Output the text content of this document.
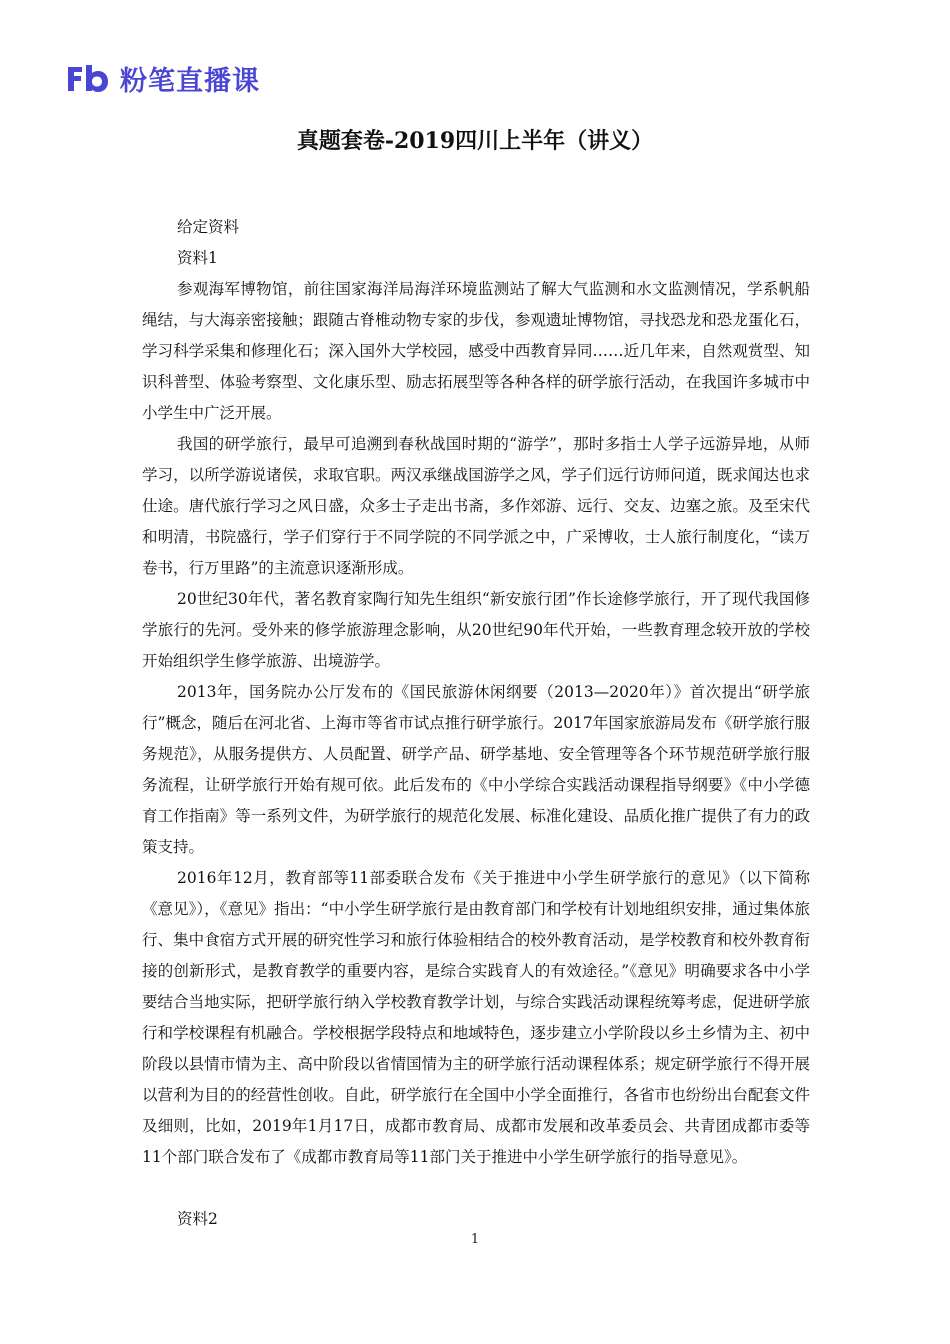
粉笔直播课
真题套卷-2019四川上半年（讲义）

给定资料

资料1

参观海军博物馆，前往国家海洋局海洋环境监测站了解大气监测和水文监测情况，学系帆船绳结，与大海亲密接触；跟随古脊椎动物专家的步伐，参观遗址博物馆，寻找恐龙和恐龙蛋化石，学习科学采集和修理化石；深入国外大学校园，感受中西教育异同……近几年来，自然观赏型、知识科普型、体验考察型、文化康乐型、励志拓展型等各种各样的研学旅行活动，在我国许多城市中小学生中广泛开展。

我国的研学旅行，最早可追溯到春秋战国时期的“游学”，那时多指士人学子远游异地，从师学习，以所学游说诸侯，求取官职。两汉承继战国游学之风，学子们远行访师问道，既求闻达也求仕途。唐代旅行学习之风日盛，众多士子走出书斋，多作郊游、远行、交友、边塞之旅。及至宋代和明清，书院盛行，学子们穿行于不同学院的不同学派之中，广采博收，士人旅行制度化，“读万卷书，行万里路”的主流意识逐渐形成。

20世纪30年代，著名教育家陶行知先生组织“新安旅行团”作长途修学旅行，开了现代我国修学旅行的先河。受外来的修学旅游理念影响，从20世纪90年代开始，一些教育理念较开放的学校开始组织学生修学旅游、出境游学。

2013年，国务院办公厅发布的《国民旅游休闲纲要（2013—2020年）》首次提出“研学旅行”概念，随后在河北省、上海市等省市试点推行研学旅行。2017年国家旅游局发布《研学旅行服务规范》，从服务提供方、人员配置、研学产品、研学基地、安全管理等各个环节规范研学旅行服务流程，让研学旅行开始有规可依。此后发布的《中小学综合实践活动课程指导纲要》《中小学德育工作指南》等一系列文件，为研学旅行的规范化发展、标准化建设、品质化推广提供了有力的政策支持。

2016年12月，教育部等11部委联合发布《关于推进中小学生研学旅行的意见》（以下简称《意见》），《意见》指出：“中小学生研学旅行是由教育部门和学校有计划地组织安排，通过集体旅行、集中食宿方式开展的研究性学习和旅行体验相结合的校外教育活动，是学校教育和校外教育衔接的创新形式，是教育教学的重要内容，是综合实践育人的有效途径。”《意见》明确要求各中小学要结合当地实际，把研学旅行纳入学校教育教学计划，与综合实践活动课程统筹考虑，促进研学旅行和学校课程有机融合。学校根据学段特点和地域特色，逐步建立小学阶段以乡土乡情为主、初中阶段以县情市情为主、高中阶段以省情国情为主的研学旅行活动课程体系；规定研学旅行不得开展以营利为目的的经营性创收。自此，研学旅行在全国中小学全面推行，各省市也纷纷出台配套文件及细则，比如，2019年1月17日，成都市教育局、成都市发展和改革委员会、共青团成都市委等11个部门联合发布了《成都市教育局等11部门关于推进中小学生研学旅行的指导意见》。

资料2

1
